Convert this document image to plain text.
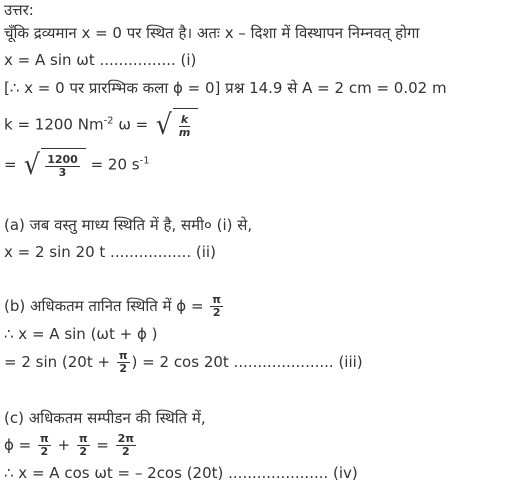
उत्तर:
चूँकि द्रव्यमान x = 0 पर स्थित है। अतः x – दिशा में विस्थापन निम्नवत् होगा
x = A sin ωt ................ (i)
[∴ x = 0 पर प्रारम्भिक कला ϕ = 0] प्रश्न 14.9 से A = 2 cm = 0.02 m
k = 1200 $Nm^{-2}$ ω = √ $\frac{k}{m}$
= √ $\frac{1200}{3} = 20$ $s^{-1}$
(a) जब वस्तु माध्य स्थिति में है, समी० (i) से,
x = 2 sin 20 t ................. (ii)
(b) अधिकतम तानित स्थिति में $\phi = \frac{\pi}{2}$
∴ x = A sin (ωt + ϕ )
= 2 $\sin (20t + \frac{\pi}{2}$ ) = 2 cos 20t ..................... (iii)
(c) अधिकतम सम्पीडन की स्थिति में,
$\phi = \frac{\pi}{2} + \frac{\pi}{2} = \frac{2\pi}{2}$
∴ x = A cos ωt = – 2cos (20t) ..................... (iv)
